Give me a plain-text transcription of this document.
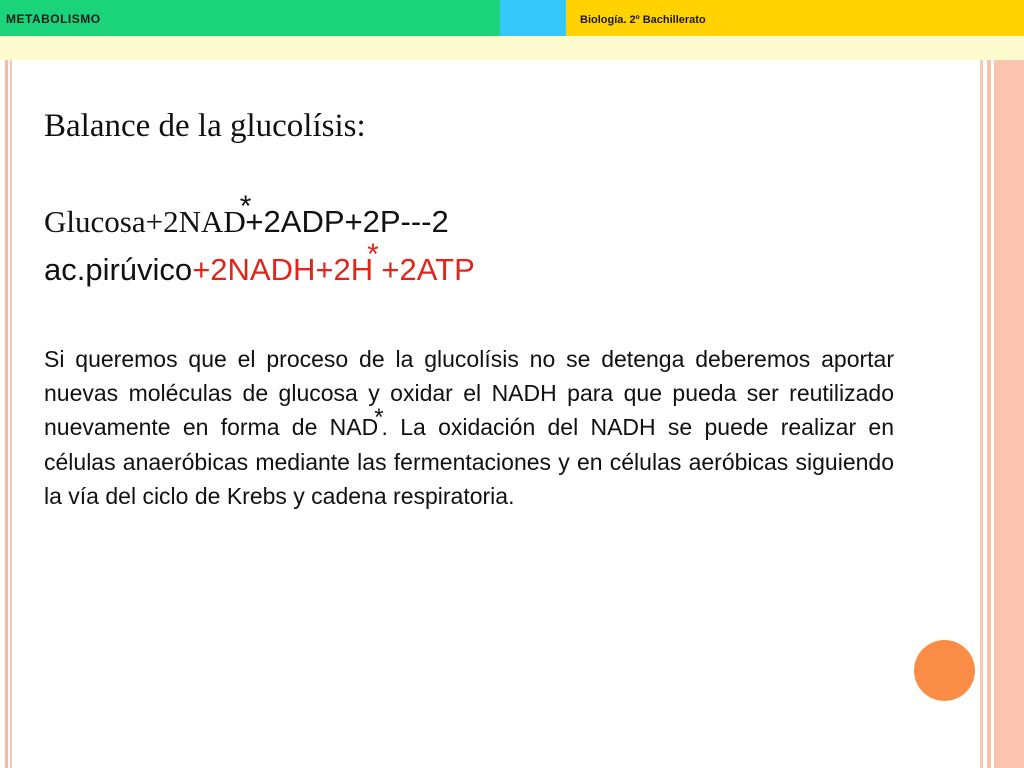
METABOLISMO	Biología. 2º Bachillerato
Balance de la glucolísis:
Glucosa+2NAD*+2ADP+2P---2
ac.pirúvico+2NADH+2H* +2ATP
Si queremos que el proceso de la glucolísis no se detenga deberemos aportar nuevas moléculas de glucosa y oxidar el NADH para que pueda ser reutilizado nuevamente en forma de NAD*. La oxidación del NADH se puede realizar en células anaeróbicas mediante las fermentaciones y en células aeróbicas siguiendo la vía del ciclo de Krebs y cadena respiratoria.
